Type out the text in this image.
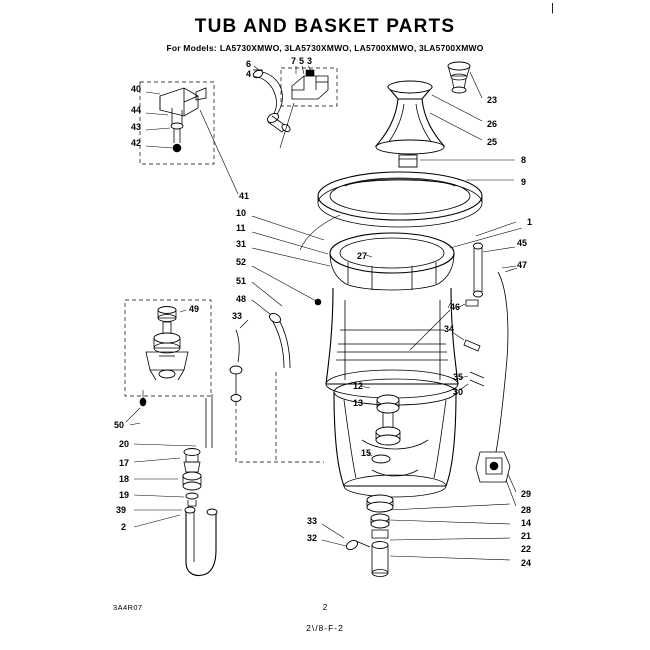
|
TUB AND BASKET PARTS
For Models: LA5730XMWO, 3LA5730XMWO, LA5700XMWO, 3LA5700XMWO
40
44
43
42
6
4
7 5 3
23
26
25
8
9
41
10
11
31
52
51
48
33
1
45
47
27
46
34
49
12
13
35
30
50
20
17
18
19
39
2
15
33
32
29
28
14
21
22
24
3A4R07	2
2\/8-F-2
